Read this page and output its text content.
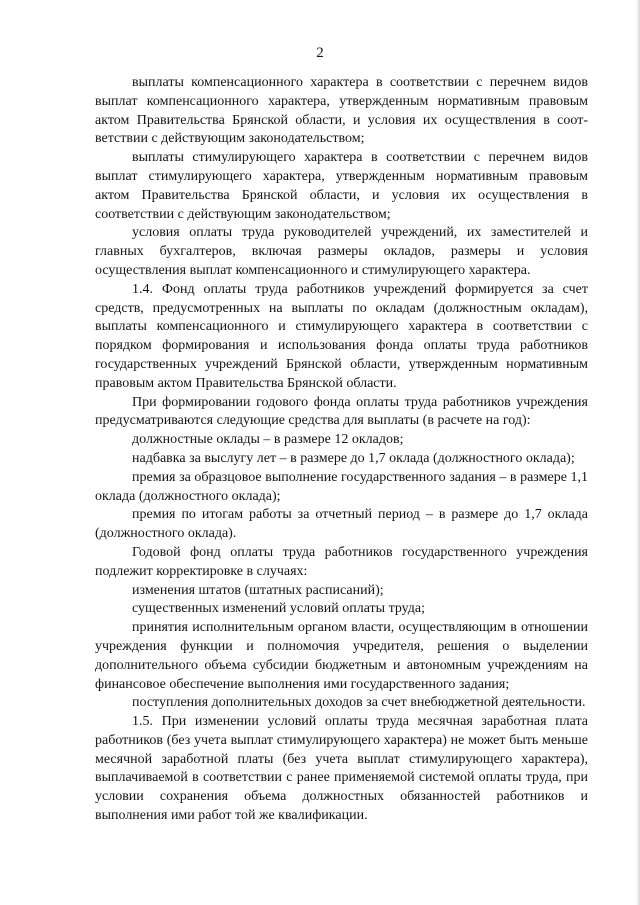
2

выплаты компенсационного характера в соответствии с перечнем видов выплат компенсационного характера, утвержденным нормативным правовым актом Правительства Брянской области, и условия их осуществления в соответствии с действующим законодательством;

выплаты стимулирующего характера в соответствии с перечнем видов выплат стимулирующего характера, утвержденным нормативным правовым актом Правительства Брянской области, и условия их осуществления в соответствии с действующим законодательством;

условия оплаты труда руководителей учреждений, их заместителей и главных бухгалтеров, включая размеры окладов, размеры и условия осуществления выплат компенсационного и стимулирующего характера.

1.4. Фонд оплаты труда работников учреждений формируется за счет средств, предусмотренных на выплаты по окладам (должностным окладам), выплаты компенсационного и стимулирующего характера в соответствии с порядком формирования и использования фонда оплаты труда работников государственных учреждений Брянской области, утвержденным нормативным правовым актом Правительства Брянской области.

При формировании годового фонда оплаты труда работников учреждения предусматриваются следующие средства для выплаты (в расчете на год):

должностные оклады – в размере 12 окладов;

надбавка за выслугу лет – в размере до 1,7 оклада (должностного оклада);

премия за образцовое выполнение государственного задания – в размере 1,1 оклада (должностного оклада);

премия по итогам работы за отчетный период – в размере до 1,7 оклада (должностного оклада).

Годовой фонд оплаты труда работников государственного учреждения подлежит корректировке в случаях:

изменения штатов (штатных расписаний);

существенных изменений условий оплаты труда;

принятия исполнительным органом власти, осуществляющим в отношении учреждения функции и полномочия учредителя, решения о выделении дополнительного объема субсидии бюджетным и автономным учреждениям на финансовое обеспечение выполнения ими государственного задания;

поступления дополнительных доходов за счет внебюджетной деятельности.

1.5. При изменении условий оплаты труда месячная заработная плата работников (без учета выплат стимулирующего характера) не может быть меньше месячной заработной платы (без учета выплат стимулирующего характера), выплачиваемой в соответствии с ранее применяемой системой оплаты труда, при условии сохранения объема должностных обязанностей работников и выполнения ими работ той же квалификации.
